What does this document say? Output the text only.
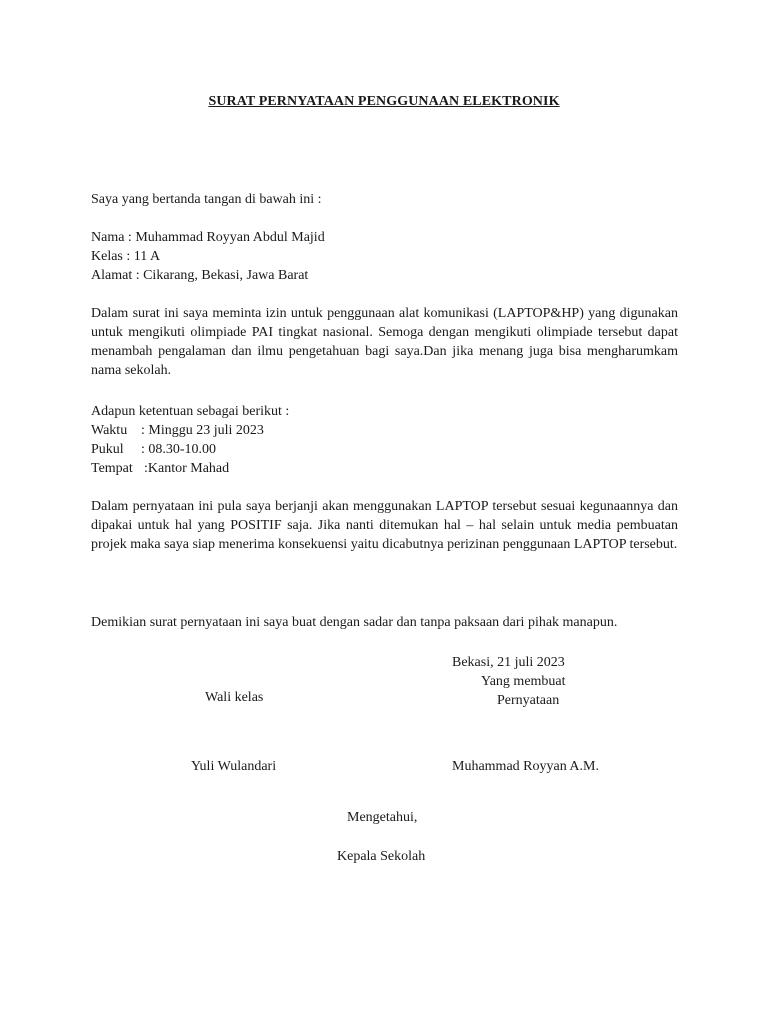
SURAT PERNYATAAN PENGGUNAAN ELEKTRONIK
Saya yang bertanda tangan di bawah ini :
Nama : Muhammad Royyan Abdul Majid
Kelas : 11 A
Alamat : Cikarang, Bekasi, Jawa Barat
Dalam surat ini saya meminta izin untuk penggunaan alat komunikasi (LAPTOP&HP) yang digunakan untuk mengikuti olimpiade PAI tingkat nasional. Semoga dengan mengikuti olimpiade tersebut dapat menambah pengalaman dan ilmu pengetahuan bagi saya.Dan jika menang juga bisa mengharumkam nama sekolah.
Adapun ketentuan sebagai berikut :
Waktu : Minggu 23 juli 2023
Pukul : 08.30-10.00
Tempat :Kantor Mahad
Dalam pernyataan ini pula saya berjanji akan menggunakan LAPTOP tersebut sesuai kegunaannya dan dipakai untuk hal yang POSITIF saja. Jika nanti ditemukan hal – hal selain untuk media pembuatan projek maka saya siap menerima konsekuensi yaitu dicabutnya perizinan penggunaan LAPTOP tersebut.
Demikian surat pernyataan ini saya buat dengan sadar dan tanpa paksaan dari pihak manapun.
Bekasi, 21 juli 2023
Yang membuat
Pernyataan
Wali kelas
Yuli Wulandari	Muhammad Royyan A.M.
Mengetahui,
Kepala Sekolah
